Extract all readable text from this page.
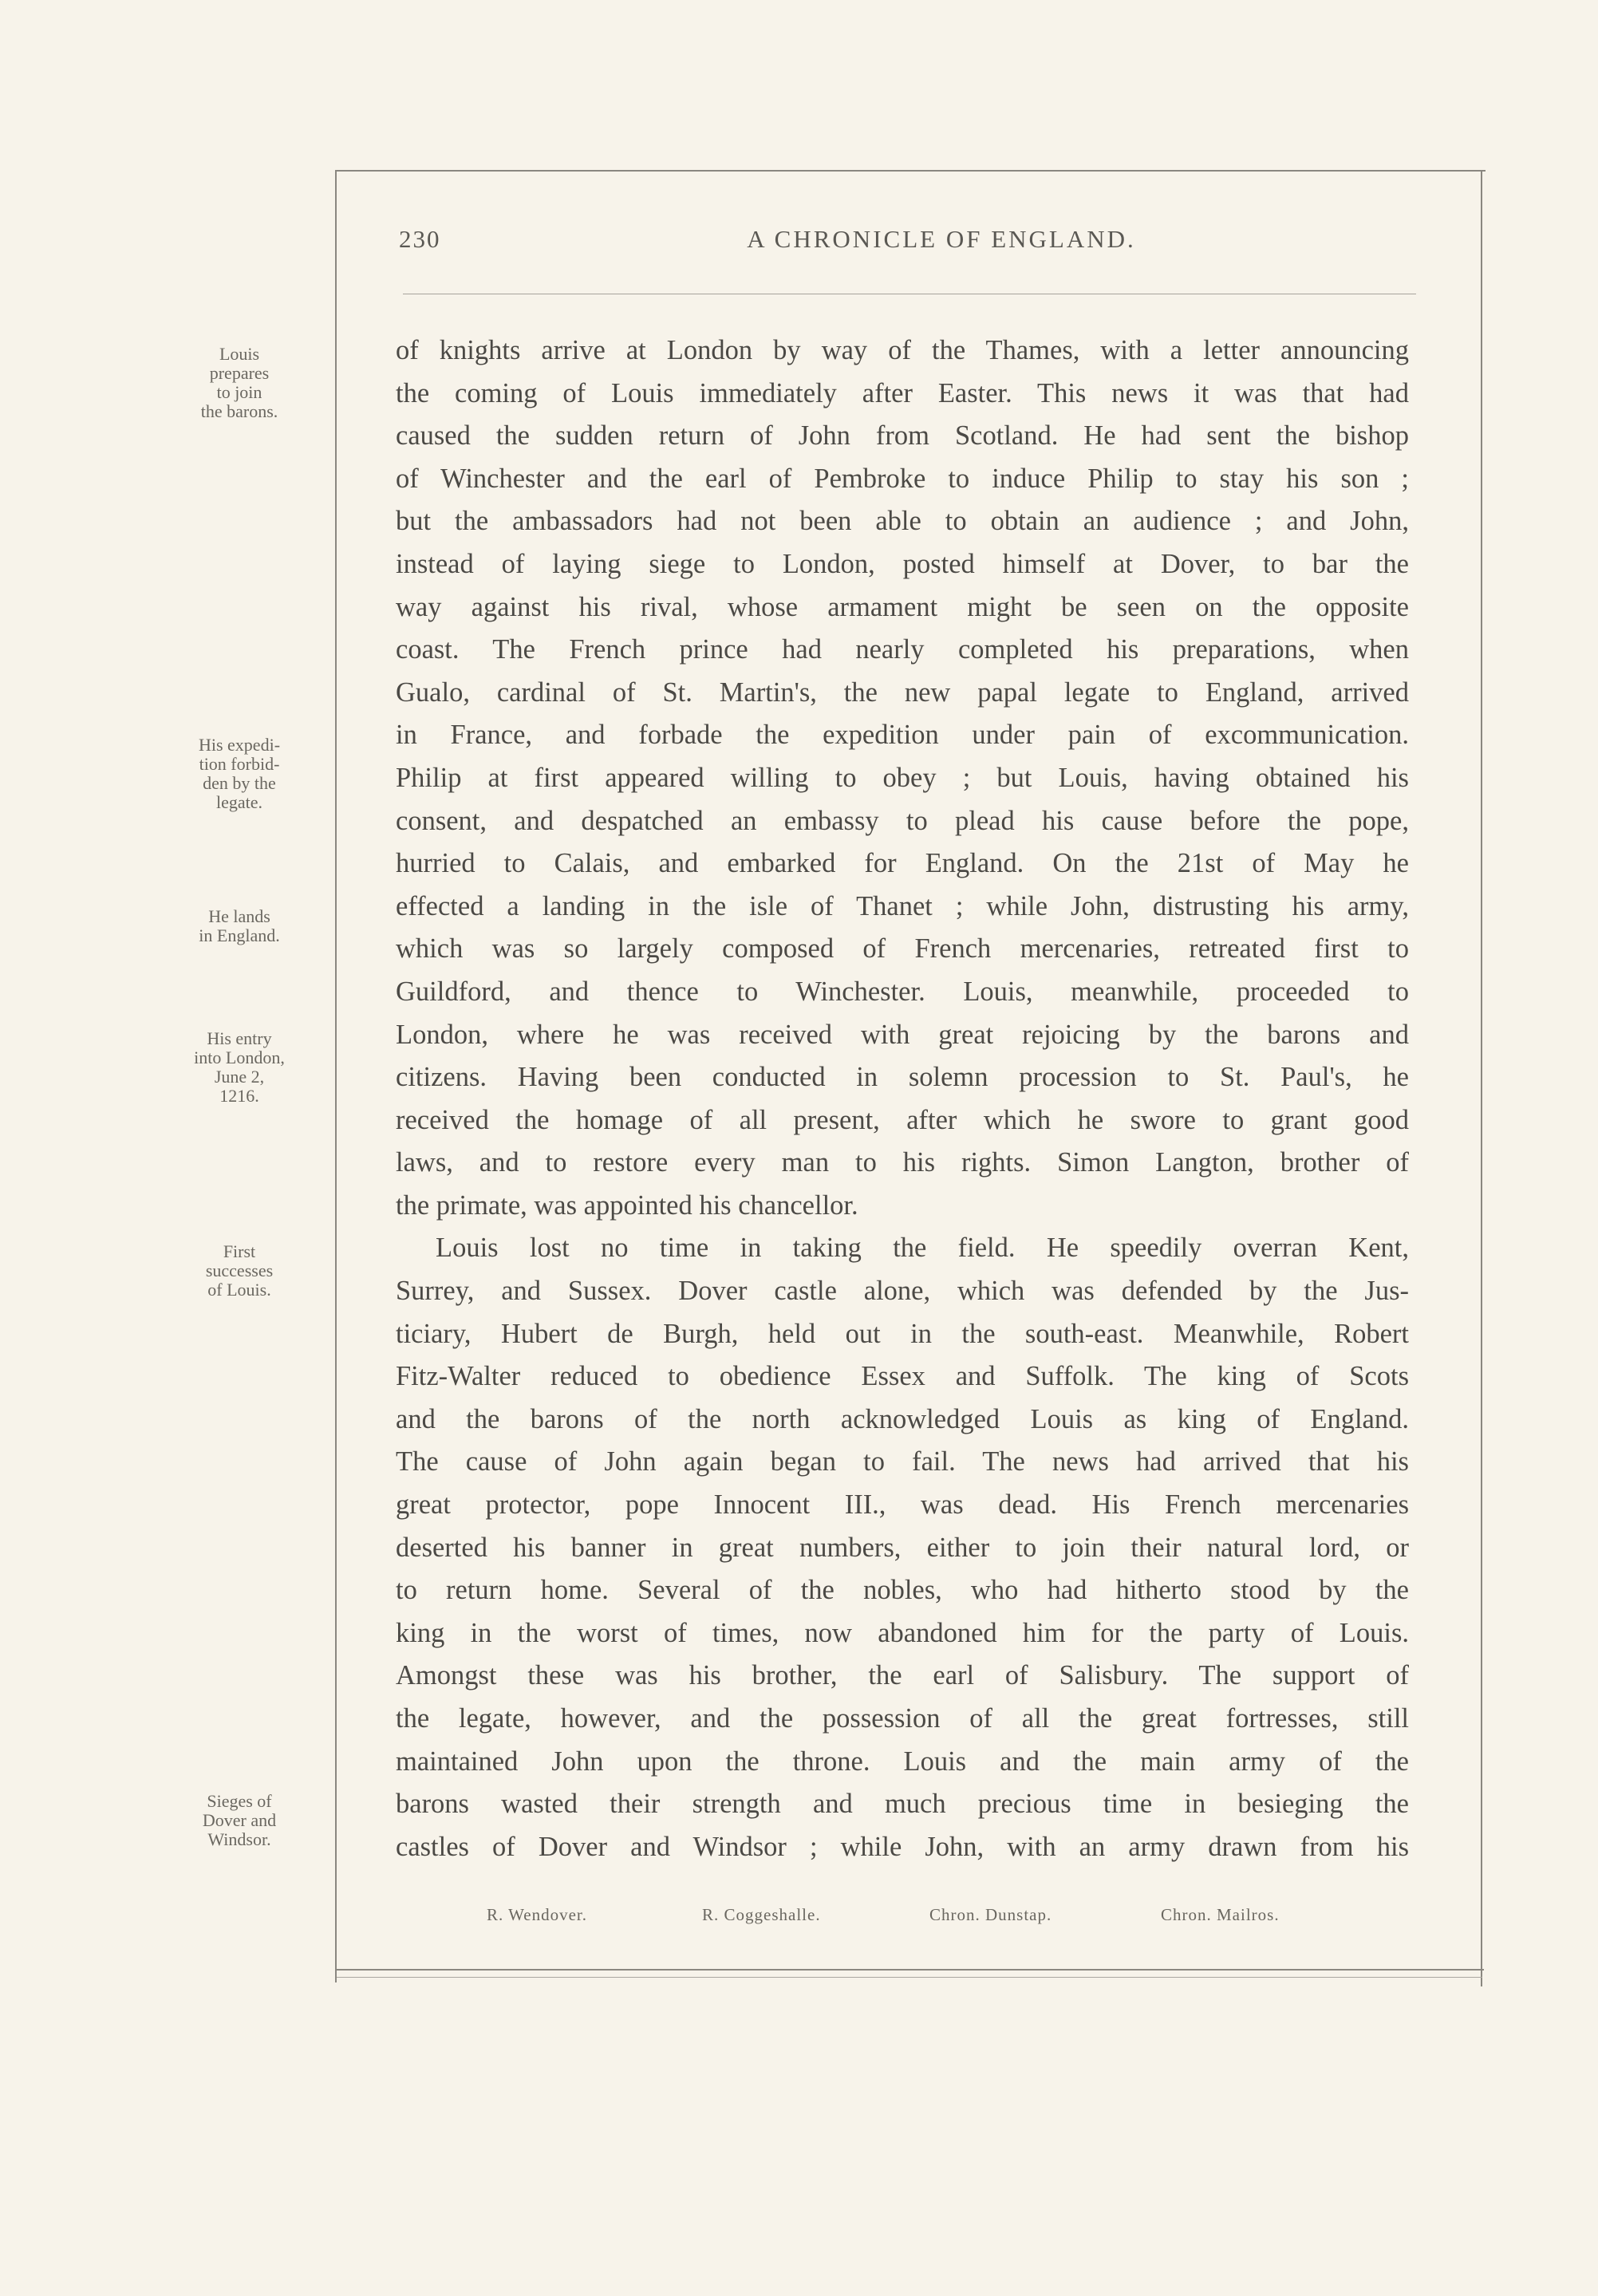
230	A CHRONICLE OF ENGLAND.
Louis
prepares
to join
the barons.
His expedi-
tion forbid-
den by the
legate.
He lands
in England.
His entry
into London,
June 2,
1216.
First
successes
of Louis.
Sieges of
Dover and
Windsor.
of knights arrive at London by way of the Thames, with a letter announcing
the coming of Louis immediately after Easter. This news it was that had
caused the sudden return of John from Scotland. He had sent the bishop
of Winchester and the earl of Pembroke to induce Philip to stay his son ;
but the ambassadors had not been able to obtain an audience ; and John,
instead of laying siege to London, posted himself at Dover, to bar the
way against his rival, whose armament might be seen on the opposite
coast. The French prince had nearly completed his preparations, when
Gualo, cardinal of St. Martin's, the new papal legate to England, arrived
in France, and forbade the expedition under pain of excommunication.
Philip at first appeared willing to obey ; but Louis, having obtained his
consent, and despatched an embassy to plead his cause before the pope,
hurried to Calais, and embarked for England. On the 21st of May he
effected a landing in the isle of Thanet ; while John, distrusting his army,
which was so largely composed of French mercenaries, retreated first to
Guildford, and thence to Winchester. Louis, meanwhile, proceeded to
London, where he was received with great rejoicing by the barons and
citizens. Having been conducted in solemn procession to St. Paul's, he
received the homage of all present, after which he swore to grant good
laws, and to restore every man to his rights. Simon Langton, brother of
the primate, was appointed his chancellor.
Louis lost no time in taking the field. He speedily overran Kent,
Surrey, and Sussex. Dover castle alone, which was defended by the Jus-
ticiary, Hubert de Burgh, held out in the south-east. Meanwhile, Robert
Fitz-Walter reduced to obedience Essex and Suffolk. The king of Scots
and the barons of the north acknowledged Louis as king of England.
The cause of John again began to fail. The news had arrived that his
great protector, pope Innocent III., was dead. His French mercenaries
deserted his banner in great numbers, either to join their natural lord, or
to return home. Several of the nobles, who had hitherto stood by the
king in the worst of times, now abandoned him for the party of Louis.
Amongst these was his brother, the earl of Salisbury. The support of
the legate, however, and the possession of all the great fortresses, still
maintained John upon the throne. Louis and the main army of the
barons wasted their strength and much precious time in besieging the
castles of Dover and Windsor ; while John, with an army drawn from his
R. Wendover.	R. Coggeshalle.	Chron. Dunstap.	Chron. Mailros.
